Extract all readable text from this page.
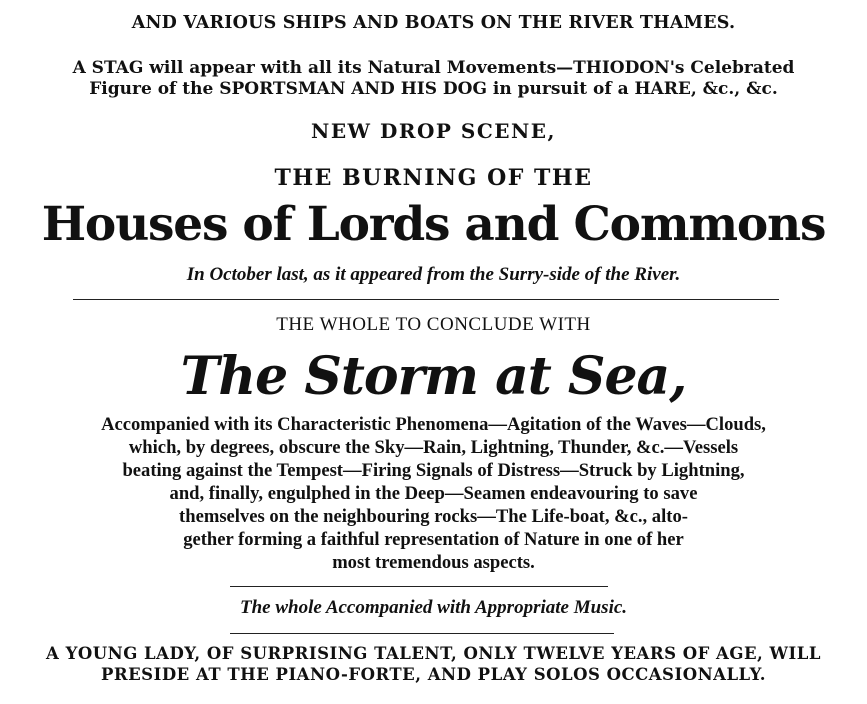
AND VARIOUS SHIPS AND BOATS ON THE RIVER THAMES.

A STAG will appear with all its Natural Movements—THIODON's Celebrated

Figure of the SPORTSMAN AND HIS DOG in pursuit of a HARE, &c., &c.

NEW DROP SCENE,

THE BURNING OF THE

Houses of Lords and Commons

In October last, as it appeared from the Surry-side of the River.

THE WHOLE TO CONCLUDE WITH

The Storm at Sea,

Accompanied with its Characteristic Phenomena—Agitation of the Waves—Clouds,

which, by degrees, obscure the Sky—Rain, Lightning, Thunder, &c.—Vessels

beating against the Tempest—Firing Signals of Distress—Struck by Lightning,

and, finally, engulphed in the Deep—Seamen endeavouring to save

themselves on the neighbouring rocks—The Life-boat, &c., alto-

gether forming a faithful representation of Nature in one of her

most tremendous aspects.

The whole Accompanied with Appropriate Music.

A YOUNG LADY, OF SURPRISING TALENT, ONLY TWELVE YEARS OF AGE, WILL

PRESIDE AT THE PIANO-FORTE, AND PLAY SOLOS OCCASIONALLY.
